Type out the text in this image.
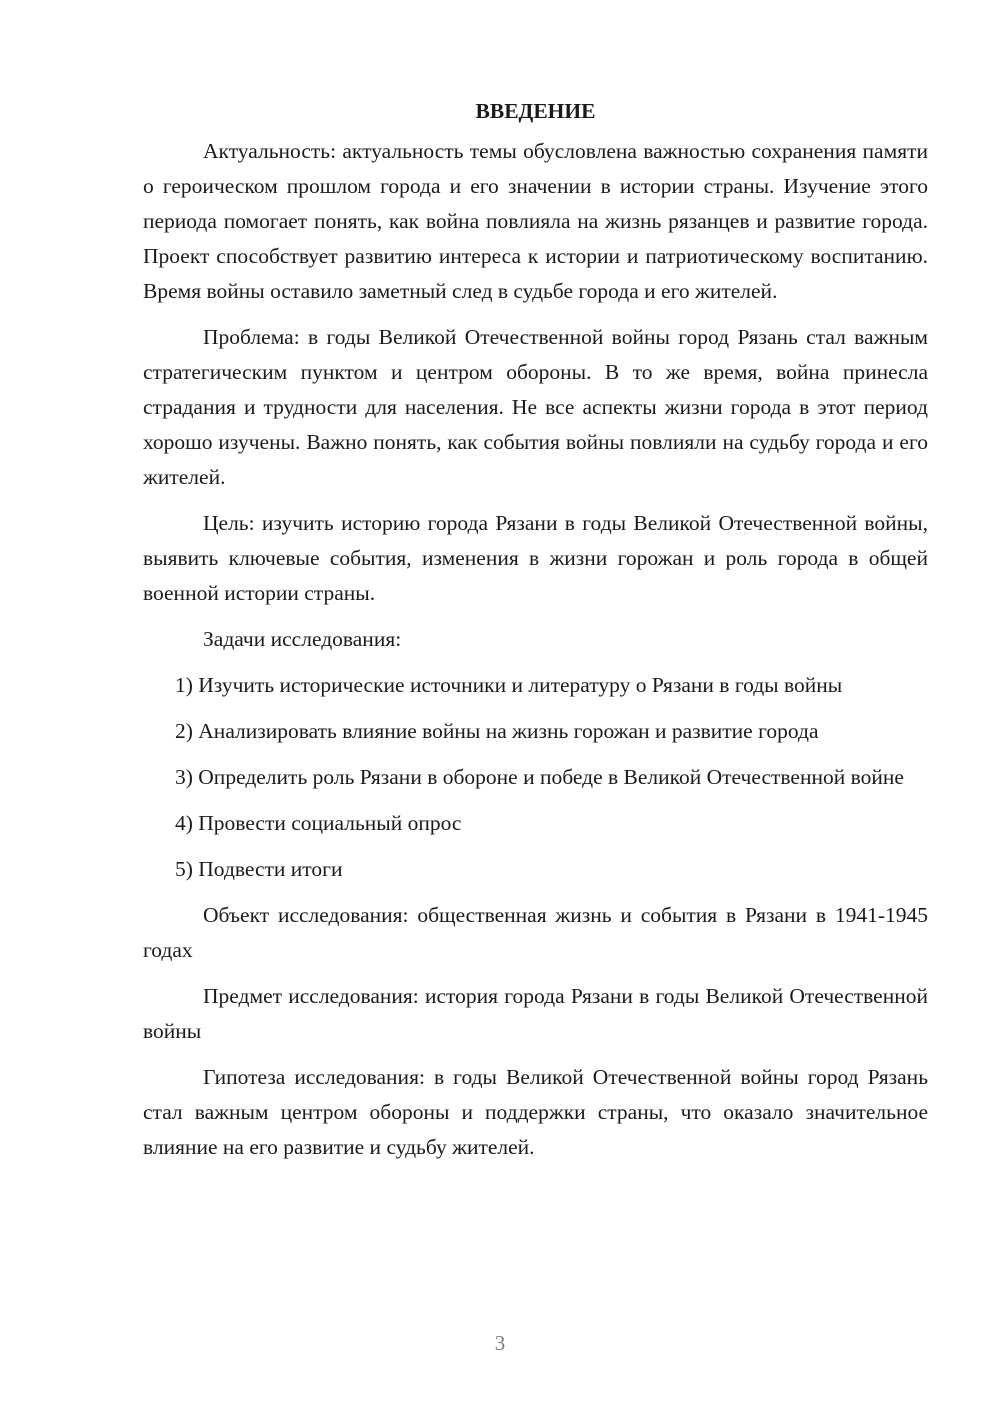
ВВЕДЕНИЕ

Актуальность: актуальность темы обусловлена важностью сохранения памяти о героическом прошлом города и его значении в истории страны. Изучение этого периода помогает понять, как война повлияла на жизнь рязанцев и развитие города. Проект способствует развитию интереса к истории и патриотическому воспитанию. Время войны оставило заметный след в судьбе города и его жителей.

Проблема: в годы Великой Отечественной войны город Рязань стал важным стратегическим пунктом и центром обороны. В то же время, война принесла страдания и трудности для населения. Не все аспекты жизни города в этот период хорошо изучены. Важно понять, как события войны повлияли на судьбу города и его жителей.

Цель: изучить историю города Рязани в годы Великой Отечественной войны, выявить ключевые события, изменения в жизни горожан и роль города в общей военной истории страны.

Задачи исследования:

1) Изучить исторические источники и литературу о Рязани в годы войны

2) Анализировать влияние войны на жизнь горожан и развитие города

3) Определить роль Рязани в обороне и победе в Великой Отечественной войне

4) Провести социальный опрос

5) Подвести итоги

Объект исследования: общественная жизнь и события в Рязани в 1941-1945 годах

Предмет исследования: история города Рязани в годы Великой Отечественной войны

Гипотеза исследования: в годы Великой Отечественной войны город Рязань стал важным центром обороны и поддержки страны, что оказало значительное влияние на его развитие и судьбу жителей.

3
